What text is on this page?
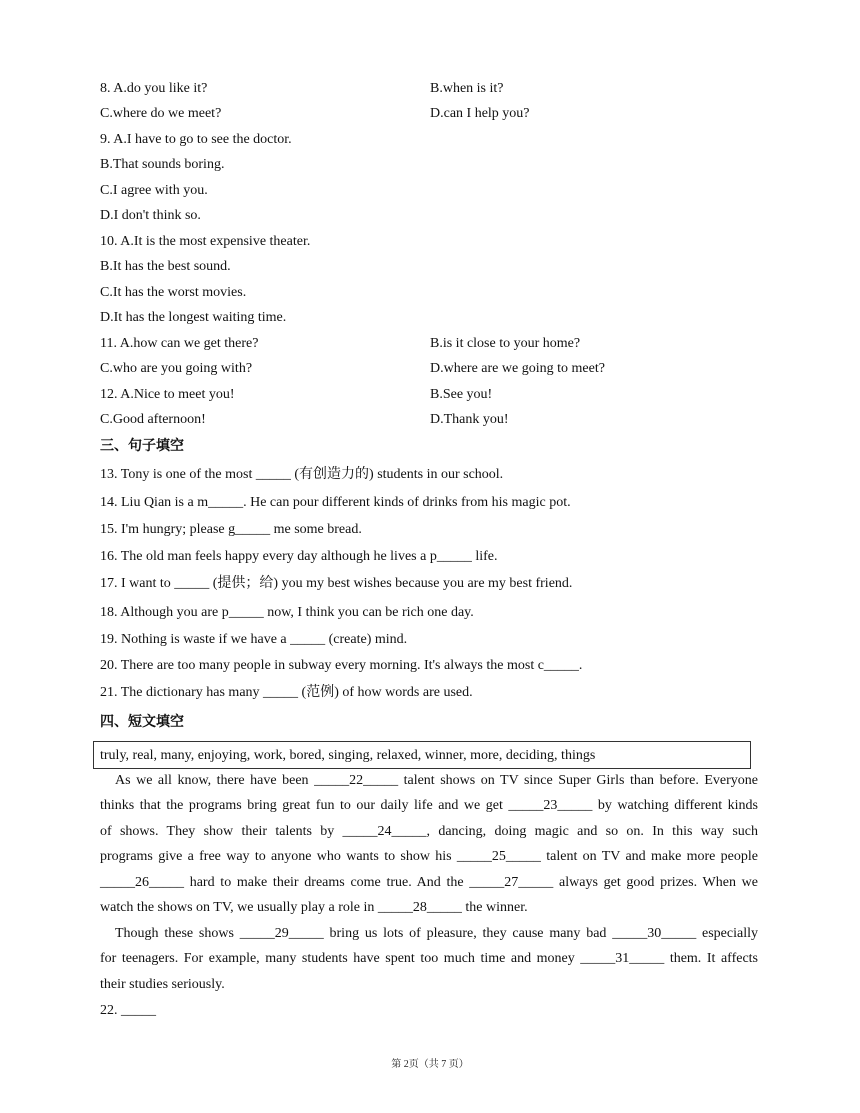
8. A.do you like it?	B.when is it?
C.where do we meet?	D.can I help you?
9. A.I have to go to see the doctor.
B.That sounds boring.
C.I agree with you.
D.I don't think so.
10. A.It is the most expensive theater.
B.It has the best sound.
C.It has the worst movies.
D.It has the longest waiting time.
11. A.how can we get there?	B.is it close to your home?
C.who are you going with?	D.where are we going to meet?
12. A.Nice to meet you!	B.See you!
C.Good afternoon!	D.Thank you!
三、句子填空
13. Tony is one of the most _____ (有创造力的) students in our school.
14. Liu Qian is a m_____. He can pour different kinds of drinks from his magic pot.
15. I'm hungry; please g_____ me some bread.
16. The old man feels happy every day although he lives a p_____ life.
17. I want to _____ (提供；给) you my best wishes because you are my best friend.
18. Although you are p_____ now, I think you can be rich one day.
19. Nothing is waste if we have a _____ (create) mind.
20. There are too many people in subway every morning. It's always the most c_____.
21. The dictionary has many _____ (范例) of how words are used.
四、短文填空
truly, real, many, enjoying, work, bored, singing, relaxed, winner, more, deciding, things
As we all know, there have been _____22_____ talent shows on TV since Super Girls than before. Everyone
thinks that the programs bring great fun to our daily life and we get _____23_____ by watching different kinds
of shows. They show their talents by _____24_____, dancing, doing magic and so on. In this way such
programs give a free way to anyone who wants to show his _____25_____ talent on TV and make more people
_____26_____ hard to make their dreams come true. And the _____27_____ always get good prizes. When we
watch the shows on TV, we usually play a role in _____28_____ the winner.
Though these shows _____29_____ bring us lots of pleasure, they cause many bad _____30_____ especially
for teenagers. For example, many students have spent too much time and money _____31_____ them. It affects
their studies seriously.
22. _____
第 2页（共 7 页）
